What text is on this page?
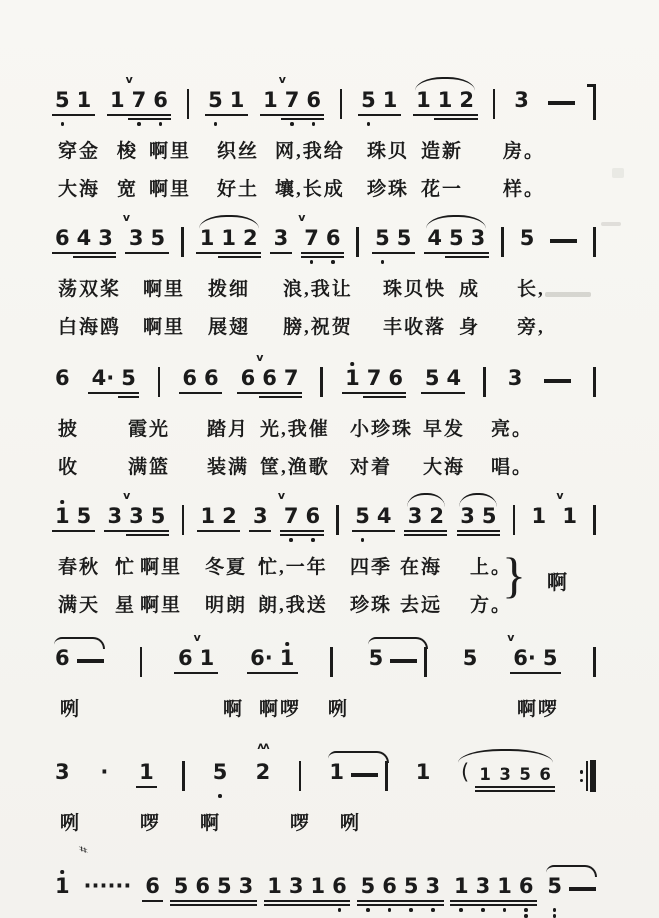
5 1 1
v
7 6 5 1 1
v
7 6 5 1 1 1 2 3
穿金 梭 啊里 织丝 网,我给 珠贝 造新 房。
大海 宽 啊里 好土 壤,长成 珍珠 花一 样。
6 4 3
v
3 5 1 1 2 3
v
7 6 5 5 4 5 3 5
荡双桨 啊里 拨细 浪,我让 珠贝快 成 长,
白海鸥 啊里 展翅 膀,祝贺 丰收落 身 旁,
6 4· 5 6 6 6
v
6 7 1 7 6 5 4 3
披	霞光 踏月 光,我催 小珍珠 早发 亮。
收	满篮 装满 筐,渔歌 对着 大海 唱。
1 5 3
v
3 5 1 2 3
v
7 6 5 4 3 2 3 5 1
v
1
春秋 忙 啊里 冬夏 忙,一年 四季 在海 上。
满天 星 啊里 明朗 朗,我送 珍珠 去远 方。
} 啊
6	6
v
1 6· 1	5	5
v
6· 5
咧	啊 啊啰 咧	啊啰
3 · 1	5
ʌʌ
2	1	1 ( 1 3 5 6
咧	啰 啊	啰 咧
1 ······ 6 5 6 5 3 1 3 1 6 5 6 5 3 1 3 1 6 5
♯
